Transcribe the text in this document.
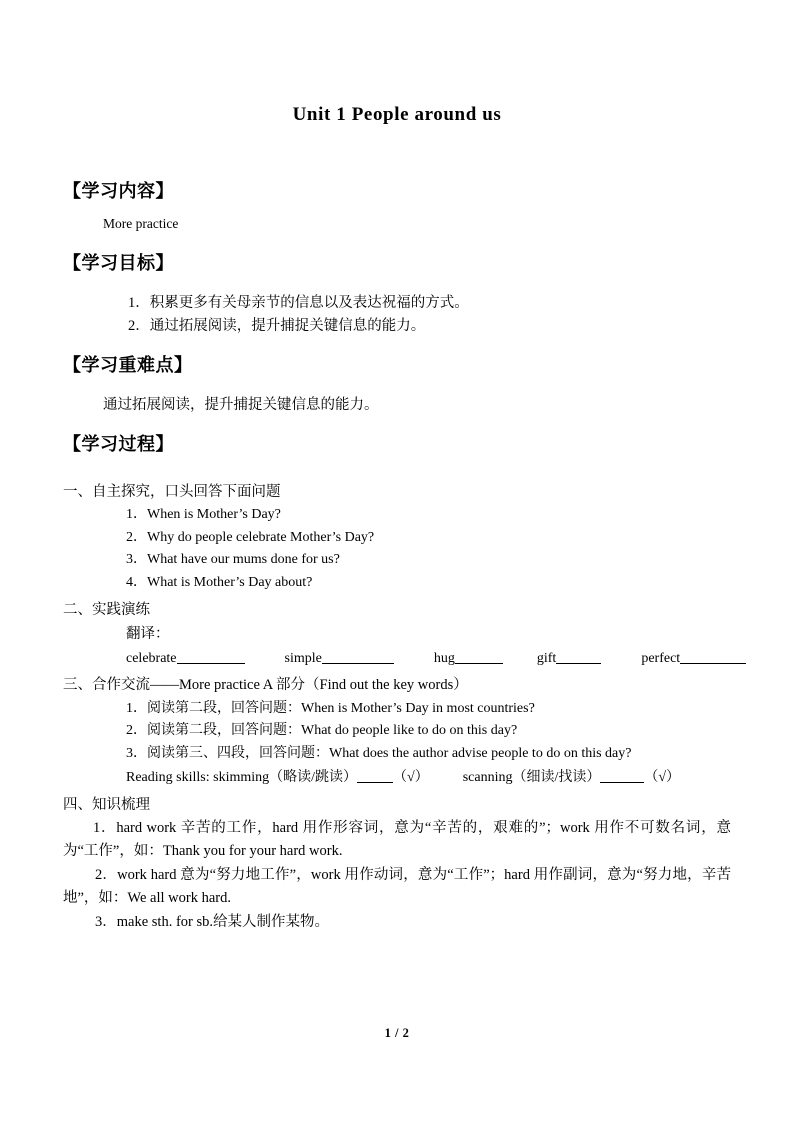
Unit 1 People around us

【学习内容】

More practice

【学习目标】

1．积累更多有关母亲节的信息以及表达祝福的方式。

2．通过拓展阅读，提升捕捉关键信息的能力。

【学习重难点】

通过拓展阅读，提升捕捉关键信息的能力。

【学习过程】

一、自主探究，口头回答下面问题

1．When is Mother’s Day?

2．Why do people celebrate Mother’s Day?

3．What have our mums done for us?

4．What is Mother’s Day about?

二、实践演练

翻译：

celebrate	simple	hug	gift	perfect

三、合作交流——More practice A 部分（Find out the key words）

1．阅读第二段，回答问题：When is Mother’s Day in most countries?

2．阅读第二段，回答问题：What do people like to do on this day?

3．阅读第三、四段，回答问题：What does the author advise people to do on this day?

Reading skills: skimming（略读/跳读）	（√） scanning（细读/找读）	（√）

四、知识梳理

1．hard work 辛苦的工作，hard 用作形容词，意为“辛苦的，艰难的”；work 用作不可数名词，意为“工作”，如：Thank you for your hard work.

2．work hard 意为“努力地工作”，work 用作动词，意为“工作”；hard 用作副词，意为“努力地，辛苦地”，如：We all work hard.

3．make sth. for sb.给某人制作某物。

1 / 2
